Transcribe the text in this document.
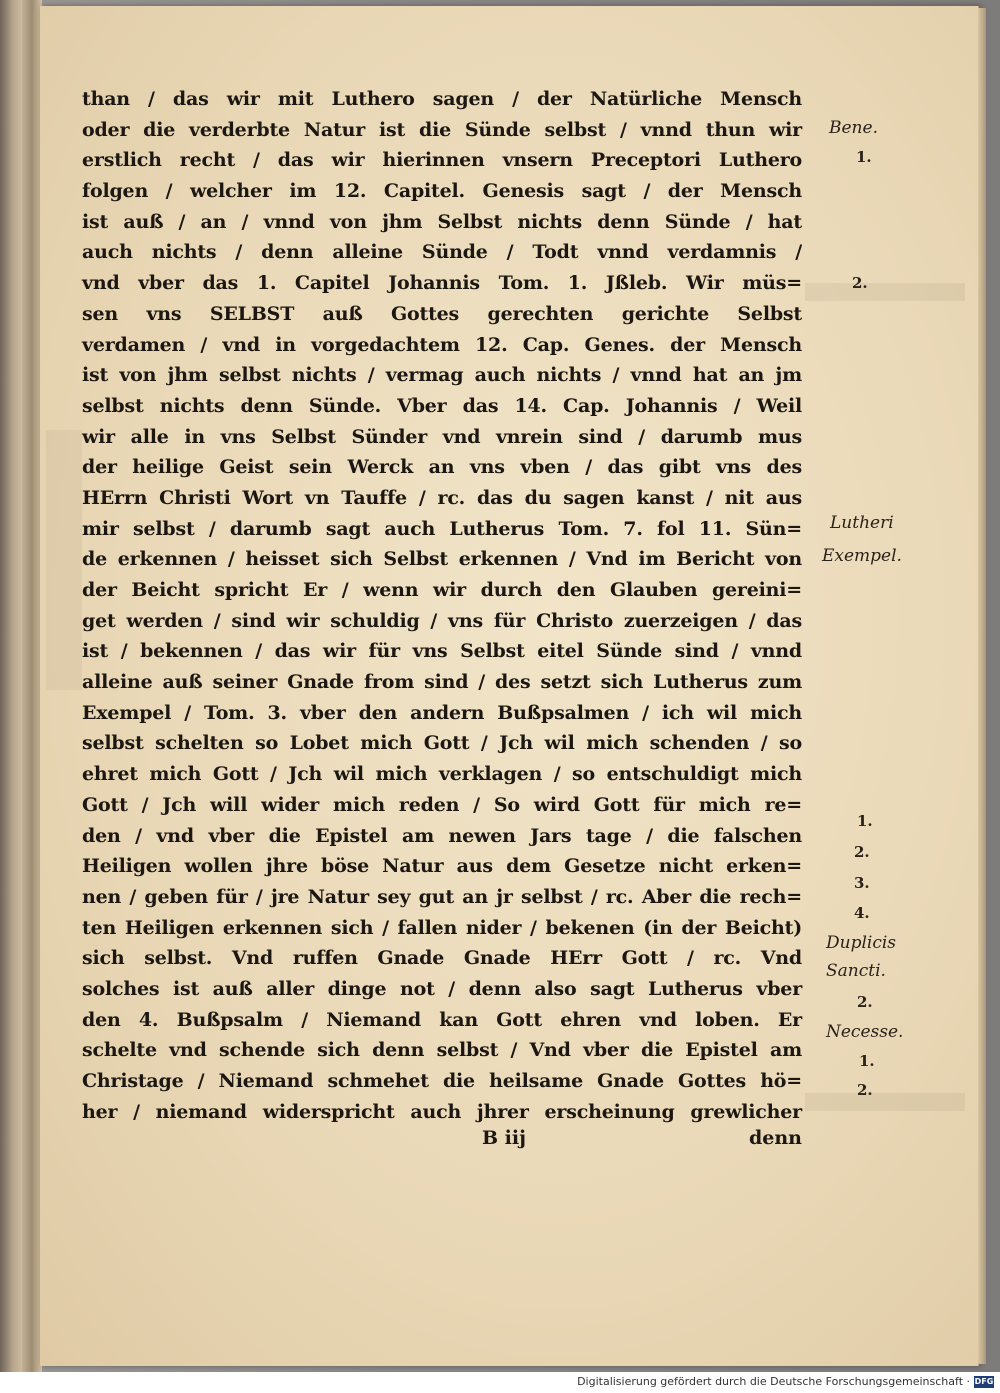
than / das wir mit Luthero sagen / der Natürliche Mensch
oder die verderbte Natur ist die Sünde selbst / vnnd thun wir
erstlich recht / das wir hierinnen vnsern Preceptori Luthero
folgen / welcher im 12. Capitel. Genesis sagt / der Mensch
ist auß / an / vnnd von jhm Selbst nichts denn Sünde / hat
auch nichts / denn alleine Sünde / Todt vnnd verdamnis /
vnd vber das 1. Capitel Johannis Tom. 1. Jßleb. Wir müs=
sen vns SELBST auß Gottes gerechten gerichte Selbst
verdamen / vnd in vorgedachtem 12. Cap. Genes. der Mensch
ist von jhm selbst nichts / vermag auch nichts / vnnd hat an jm
selbst nichts denn Sünde. Vber das 14. Cap. Johannis / Weil
wir alle in vns Selbst Sünder vnd vnrein sind / darumb mus
der heilige Geist sein Werck an vns vben / das gibt vns des
HErrn Christi Wort vn Tauffe / rc. das du sagen kanst / nit aus
mir selbst / darumb sagt auch Lutherus Tom. 7. fol 11. Sün=
de erkennen / heisset sich Selbst erkennen / Vnd im Bericht von
der Beicht spricht Er / wenn wir durch den Glauben gereini=
get werden / sind wir schuldig / vns für Christo zuerzeigen / das
ist / bekennen / das wir für vns Selbst eitel Sünde sind / vnnd
alleine auß seiner Gnade from sind / des setzt sich Lutherus zum
Exempel / Tom. 3. vber den andern Bußpsalmen / ich wil mich
selbst schelten so Lobet mich Gott / Jch wil mich schenden / so
ehret mich Gott / Jch wil mich verklagen / so entschuldigt mich
Gott / Jch will wider mich reden / So wird Gott für mich re=
den / vnd vber die Epistel am newen Jars tage / die falschen
Heiligen wollen jhre böse Natur aus dem Gesetze nicht erken=
nen / geben für / jre Natur sey gut an jr selbst / rc. Aber die rech=
ten Heiligen erkennen sich / fallen nider / bekenen (in der Beicht)
sich selbst. Vnd ruffen Gnade Gnade HErr Gott / rc. Vnd
solches ist auß aller dinge not / denn also sagt Lutherus vber
den 4. Bußpsalm / Niemand kan Gott ehren vnd loben. Er
schelte vnd schende sich denn selbst / Vnd vber die Epistel am
Christage / Niemand schmehet die heilsame Gnade Gottes hö=
her / niemand widerspricht auch jhrer erscheinung grewlicher
B iij	denn
Bene.
1.
2.
Lutheri
Exempel.
1.
2.
3.
4.
Duplicis
Sancti.
2.
Necesse.
1.
2.
Digitalisierung gefördert durch die Deutsche Forschungsgemeinschaft · DFG
